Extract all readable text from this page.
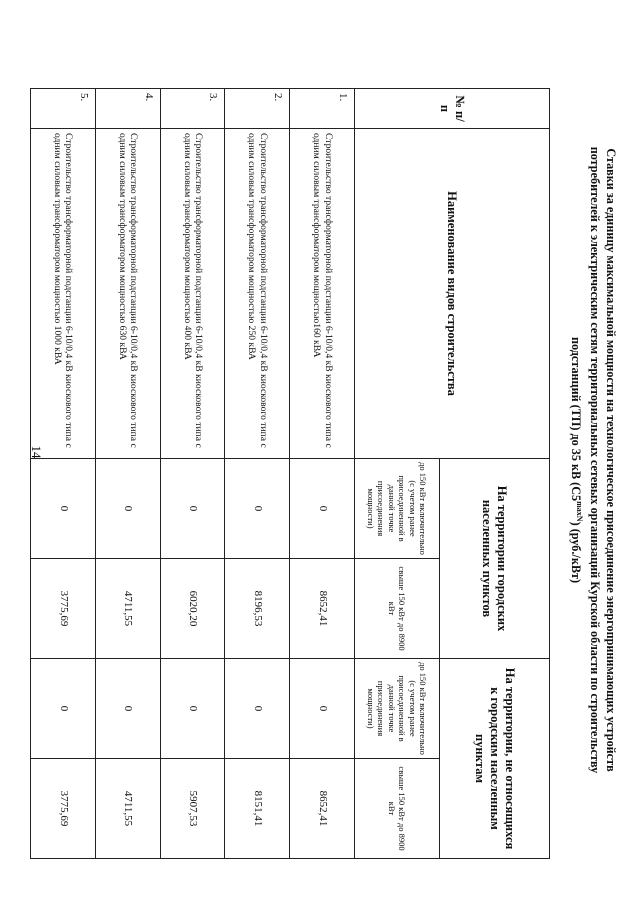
14	Ставки за единицу максимальной мощности на технологическое присоединение энергопринимающих устройств
потребителей к электрическим сетям территориальных сетевых организаций Курской области по строительству
подстанций (ТП) до 35 кВ $(С5^{maxN})$ (руб./кВт)
№ п/п	Наименование видов строительства	На территории городских населенных пунктов		На территории, не относящихся к городским населенным пунктам	
		до 150 кВт включительно (с учетом ранее присоединенной в данной точке присоединения мощности)	свыше 150 кВт до 8900 кВт	до 150 кВт включительно (с учетом ранее присоединенной в данной точке присоединения мощности)	свыше 150 кВт до 8900 кВт
1.	Строительство трансформаторной подстанции 6-10/0,4 кВ киоскового типа с одним силовым трансформатором мощностью160 кВА	0	8652,41	0	8652,41
2.	Строительство трансформаторной подстанции 6-10/0,4 кВ киоскового типа с одним силовым трансформатором мощностью 250 кВА	0	8196,53	0	8151,41
3.	Строительство трансформаторной подстанции 6-10/0,4 кВ киоскового типа с одним силовым трансформатором мощностью 400 кВА	0	6020,20	0	5907,53
4.	Строительство трансформаторной подстанции 6-10/0,4 кВ киоскового типа с одним силовым трансформатором мощностью 630 кВА	0	4711,55	0	4711,55
5.	Строительство трансформаторной подстанции 6-10/0,4 кВ киоскового типа с одним силовым трансформатором мощностью 1000 кВА	0	3775,69	0	3775,69
